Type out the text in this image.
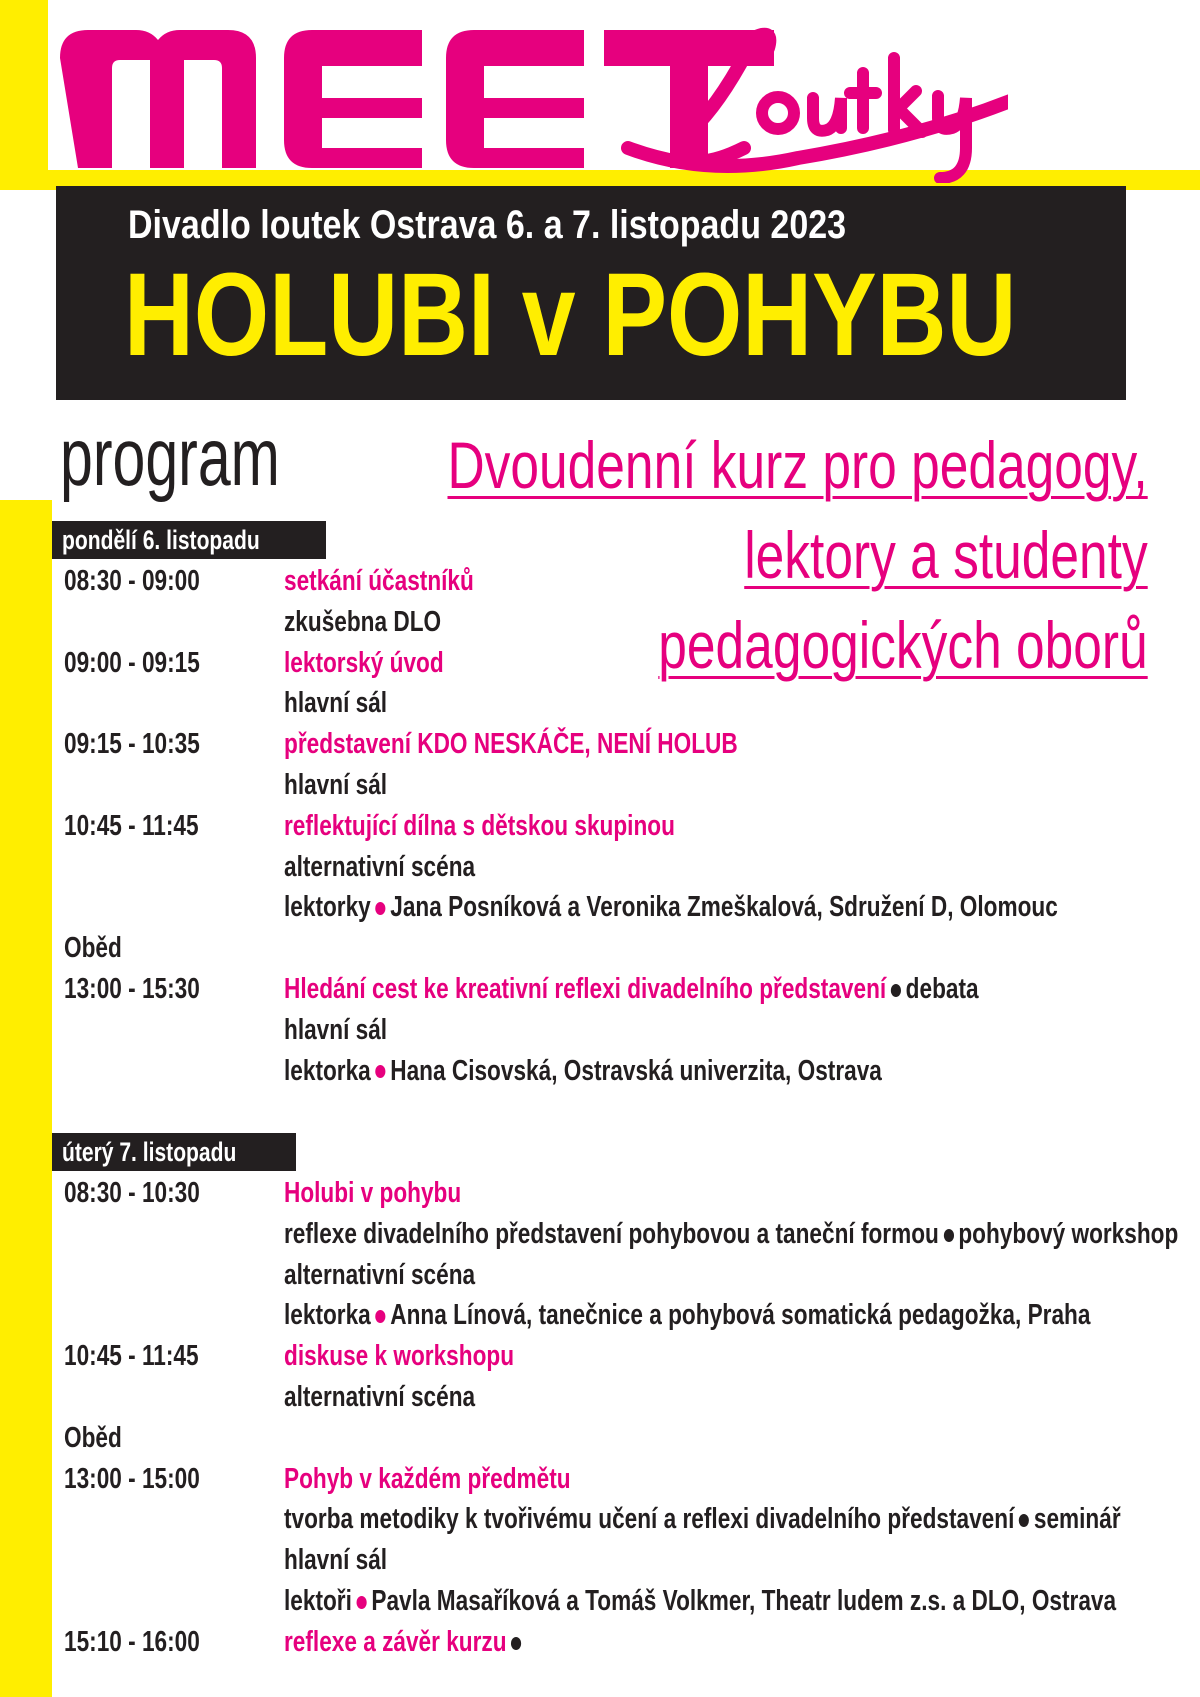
Divadlo loutek Ostrava 6. a 7. listopadu 2023
HOLUBI v POHYBU
program	Dvoudenní kurz pro pedagogy,
lektory a studenty
pedagogických oborů
pondělí 6. listopadu
08:30 - 09:00	setkání účastníků
zkušebna DLO
09:00 - 09:15	lektorský úvod
hlavní sál
09:15 - 10:35	představení KDO NESKÁČE, NENÍ HOLUB
hlavní sál
10:45 - 11:45	reflektující dílna s dětskou skupinou
alternativní scéna
lektorky Jana Posníková a Veronika Zmeškalová, Sdružení D, Olomouc
Oběd
13:00 - 15:30	Hledání cest ke kreativní reflexi divadelního představení debata
hlavní sál
lektorka Hana Cisovská, Ostravská univerzita, Ostrava
úterý 7. listopadu
08:30 - 10:30	Holubi v pohybu
reflexe divadelního představení pohybovou a taneční formou pohybový workshop
alternativní scéna
lektorka Anna Línová, tanečnice a pohybová somatická pedagožka, Praha
10:45 - 11:45	diskuse k workshopu
alternativní scéna
Oběd
13:00 - 15:00	Pohyb v každém předmětu
tvorba metodiky k tvořivému učení a reflexi divadelního představení seminář
hlavní sál
lektoři Pavla Masaříková a Tomáš Volkmer, Theatr ludem z.s. a DLO, Ostrava
15:10 - 16:00	reflexe a závěr kurzu
